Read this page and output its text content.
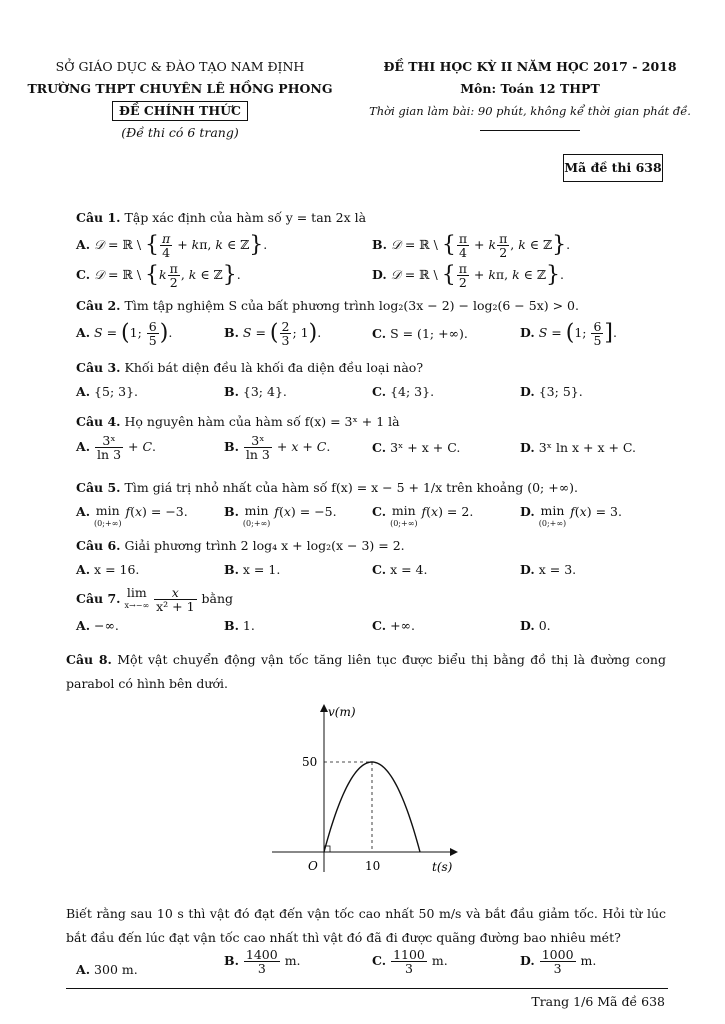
SỞ GIÁO DỤC & ĐÀO TẠO NAM ĐỊNH
TRƯỜNG THPT CHUYÊN LÊ HỒNG PHONG
ĐỀ CHÍNH THỨC
(Đề thi có 6 trang)
ĐỀ THI HỌC KỲ II NĂM HỌC 2017 - 2018
Môn: Toán 12 THPT
Thời gian làm bài: 90 phút, không kể thời gian phát đề.
Mã đề thi 638
Câu 1. Tập xác định của hàm số y = tan 2x là
A. 𝒟 = ℝ \ { $\frac{\pi}{4} + k\pi$, k ∈ ℤ}.	B. 𝒟 = ℝ \ { $\frac{\pi}{4} + k \frac{\pi}{2}$ , k ∈ ℤ}.
C. 𝒟 = ℝ \ {$k \frac{\pi}{2}$ , k ∈ ℤ}.	D. 𝒟 = ℝ \ { $\frac{\pi}{2} + k\pi$, k ∈ ℤ}.
Câu 2. Tìm tập nghiệm S của bất phương trình log₂(3x − 2) − log₂(6 − 5x) > 0.
A. S = (1; $\frac{6}{5}$ ).	B. S = ( $\frac{2}{3}$ ; 1).	C. S = (1; +∞).	D. S = (1; $\frac{6}{5}$ ].
Câu 3. Khối bát diện đều là khối đa diện đều loại nào?
A. {5; 3}.	B. {3; 4}.	C. {4; 3}.	D. {3; 5}.
Câu 4. Họ nguyên hàm của hàm số f(x) = 3ˣ + 1 là
A. $\frac{\text{3ˣ}}{\ln 3} + C$.	B. $\frac{\text{3ˣ}}{\ln 3} + x + C$.	C. 3ˣ + x + C.	D. 3ˣ ln x + x + C.
Câu 5. Tìm giá trị nhỏ nhất của hàm số f(x) = x − 5 + 1/x trên khoảng (0; +∞).
A. min
(0;+∞)
f(x) = −3.	B. min
(0;+∞)
f(x) = −5.	C. min
(0;+∞)
f(x) = 2.	D. min
(0;+∞)
f(x) = 3.
Câu 6. Giải phương trình 2 log₄ x + log₂(x − 3) = 2.
A. x = 16.	B. x = 1.	C. x = 4.	D. x = 3.
Câu 7. lim
x→−∞
$\frac{x}{\text{x² + 1}}$ bằng
A. −∞.	B. 1.	C. +∞.	D. 0.
Câu 8. Một vật chuyển động vận tốc tăng liên tục được biểu thị bằng đồ thị là đường cong parabol có hình bên dưới.
v(m)
t(s)
O
50
10
Biết rằng sau 10 s thì vật đó đạt đến vận tốc cao nhất 50 m/s và bắt đầu giảm tốc. Hỏi từ lúc bắt đầu đến lúc đạt vận tốc cao nhất thì vật đó đã đi được quãng đường bao nhiêu mét?
A. 300 m.
B. $\frac{1400}{3} m$.	C. $\frac{1100}{3} m$.	D. $\frac{1000}{3} m$.
Trang 1/6 Mã đề 638
